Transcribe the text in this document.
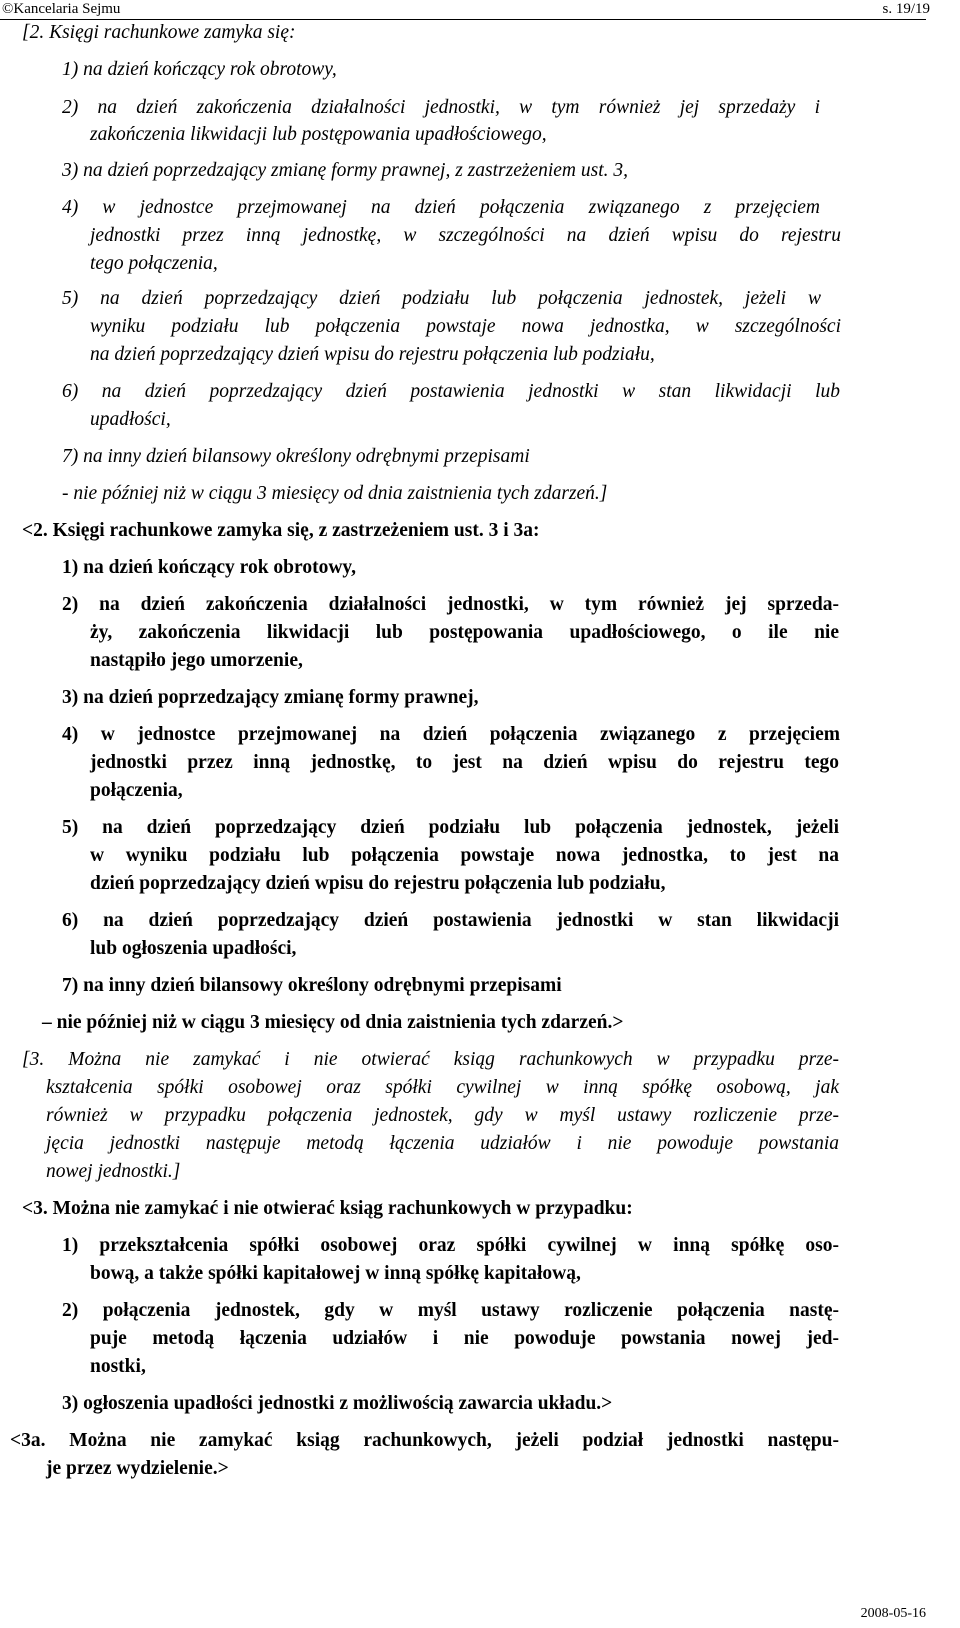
©Kancelaria Sejmu	s. 19/19
[2. Księgi rachunkowe zamyka się:
1) na dzień kończący rok obrotowy,
2) na dzień zakończenia działalności jednostki, w tym również jej sprzedaży i
zakończenia likwidacji lub postępowania upadłościowego,
3) na dzień poprzedzający zmianę formy prawnej, z zastrzeżeniem ust. 3,
4) w jednostce przejmowanej na dzień połączenia związanego z przejęciem
jednostki przez inną jednostkę, w szczególności na dzień wpisu do rejestru
tego połączenia,
5) na dzień poprzedzający dzień podziału lub połączenia jednostek, jeżeli w
wyniku podziału lub połączenia powstaje nowa jednostka, w szczególności
na dzień poprzedzający dzień wpisu do rejestru połączenia lub podziału,
6) na dzień poprzedzający dzień postawienia jednostki w stan likwidacji lub
upadłości,
7) na inny dzień bilansowy określony odrębnymi przepisami
- nie później niż w ciągu 3 miesięcy od dnia zaistnienia tych zdarzeń.]
<2. Księgi rachunkowe zamyka się, z zastrzeżeniem ust. 3 i 3a:
1) na dzień kończący rok obrotowy,
2) na dzień zakończenia działalności jednostki, w tym również jej sprzeda-
ży, zakończenia likwidacji lub postępowania upadłościowego, o ile nie
nastąpiło jego umorzenie,
3) na dzień poprzedzający zmianę formy prawnej,
4) w jednostce przejmowanej na dzień połączenia związanego z przejęciem
jednostki przez inną jednostkę, to jest na dzień wpisu do rejestru tego
połączenia,
5) na dzień poprzedzający dzień podziału lub połączenia jednostek, jeżeli
w wyniku podziału lub połączenia powstaje nowa jednostka, to jest na
dzień poprzedzający dzień wpisu do rejestru połączenia lub podziału,
6) na dzień poprzedzający dzień postawienia jednostki w stan likwidacji
lub ogłoszenia upadłości,
7) na inny dzień bilansowy określony odrębnymi przepisami
– nie później niż w ciągu 3 miesięcy od dnia zaistnienia tych zdarzeń.>
[3. Można nie zamykać i nie otwierać ksiąg rachunkowych w przypadku prze-
kształcenia spółki osobowej oraz spółki cywilnej w inną spółkę osobową, jak
również w przypadku połączenia jednostek, gdy w myśl ustawy rozliczenie prze-
jęcia jednostki następuje metodą łączenia udziałów i nie powoduje powstania
nowej jednostki.]
<3. Można nie zamykać i nie otwierać ksiąg rachunkowych w przypadku:
1) przekształcenia spółki osobowej oraz spółki cywilnej w inną spółkę oso-
bową, a także spółki kapitałowej w inną spółkę kapitałową,
2) połączenia jednostek, gdy w myśl ustawy rozliczenie połączenia nastę-
puje metodą łączenia udziałów i nie powoduje powstania nowej jed-
nostki,
3) ogłoszenia upadłości jednostki z możliwością zawarcia układu.>
<3a. Można nie zamykać ksiąg rachunkowych, jeżeli podział jednostki następu-
je przez wydzielenie.>
2008-05-16
